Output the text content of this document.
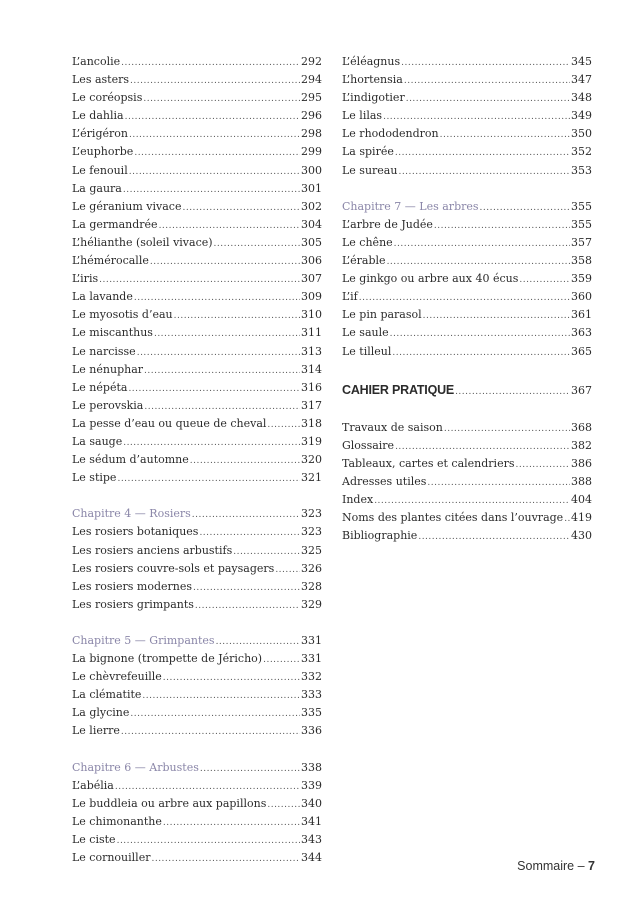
L’ancolie .....	292
Les asters .....	294
Le coréopsis .....	295
Le dahlia .....	296
L’érigéron .....	298
L’euphorbe .....	299
Le fenouil .....	300
La gaura .....	301
Le géranium vivace .....	302
La germandrée .....	304
L’hélianthe (soleil vivace) .....	305
L’hémérocalle .....	306
L’iris .....	307
La lavande .....	309
Le myosotis d’eau .....	310
Le miscanthus .....	311
Le narcisse .....	313
Le nénuphar .....	314
Le népéta .....	316
Le perovskia .....	317
La pesse d’eau ou queue de cheval .....	318
La sauge .....	319
Le sédum d’automne .....	320
Le stipe .....	321
Chapitre 4 — Rosiers .....	323
Les rosiers botaniques .....	323
Les rosiers anciens arbustifs .....	325
Les rosiers couvre-sols et paysagers ..... 326
Les rosiers modernes .....	328
Les rosiers grimpants .....	329
Chapitre 5 — Grimpantes .....	331
La bignone (trompette de Jéricho) .....	331
Le chèvrefeuille .....	332
La clématite .....	333
La glycine .....	335
Le lierre .....	336
Chapitre 6 — Arbustes .....	338
L’abélia .....	339
Le buddleia ou arbre aux papillons .....	340
Le chimonanthe .....	341
Le ciste .....	343
Le cornouiller .....	344
L’éléagnus .....	345
L’hortensia .....	347
L’indigotier .....	348
Le lilas .....	349
Le rhododendron .....	350
La spirée .....	352
Le sureau .....	353
Chapitre 7 — Les arbres .....	355
L’arbre de Judée .....	355
Le chêne .....	357
L’érable .....	358
Le ginkgo ou arbre aux 40 écus .....	359
L’if .....	360
Le pin parasol .....	361
Le saule .....	363
Le tilleul .....	365
CAHIER PRATIQUE .....	367
Travaux de saison .....	368
Glossaire .....	382
Tableaux, cartes et calendriers .....	386
Adresses utiles .....	388
Index .....	404
Noms des plantes citées dans l’ouvrage ..... 419
Bibliographie .....	430
Sommaire – 7
